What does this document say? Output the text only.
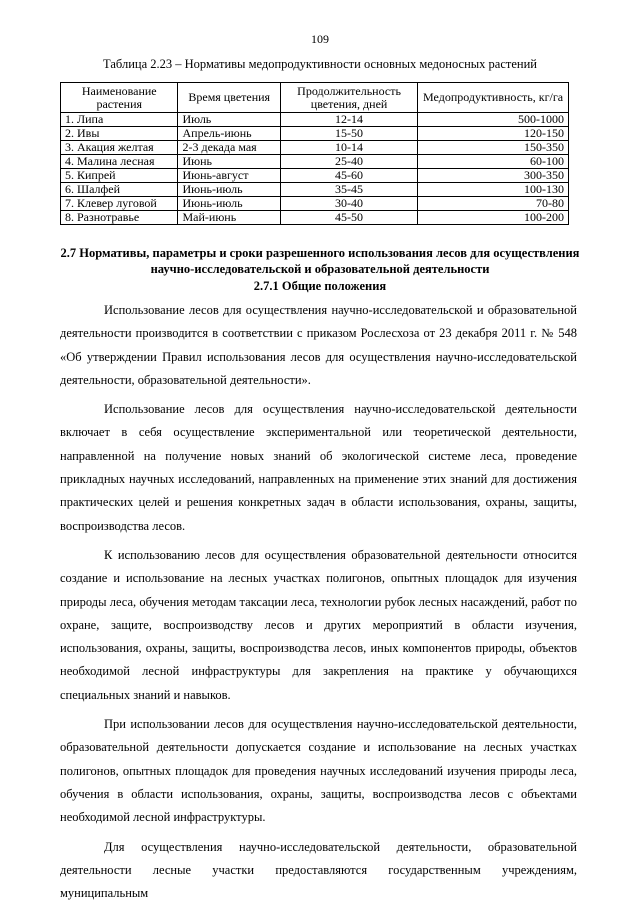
109
Таблица 2.23 – Нормативы медопродуктивности основных медоносных растений
Наименование растения	Время цветения	Продолжительность цветения, дней	Медопродуктивность, кг/га
1. Липа	Июль	12-14	500-1000
2. Ивы	Апрель-июнь	15-50	120-150
3. Акация желтая	2-3 декада мая	10-14	150-350
4. Малина лесная	Июнь	25-40	60-100
5. Кипрей	Июнь-август	45-60	300-350
6. Шалфей	Июнь-июль	35-45	100-130
7. Клевер луговой	Июнь-июль	30-40	70-80
8. Разнотравье	Май-июнь	45-50	100-200
2.7 Нормативы, параметры и сроки разрешенного использования лесов для осуществления научно-исследовательской и образовательной деятельности
2.7.1 Общие положения

Использование лесов для осуществления научно-исследовательской и образовательной деятельности производится в соответствии с приказом Рослесхоза от 23 декабря 2011 г. № 548 «Об утверждении Правил использования лесов для осуществления научно-исследовательской деятельности, образовательной деятельности».

Использование лесов для осуществления научно-исследовательской деятельности включает в себя осуществление экспериментальной или теоретической деятельности, направленной на получение новых знаний об экологической системе леса, проведение прикладных научных исследований, направленных на применение этих знаний для достижения практических целей и решения конкретных задач в области использования, охраны, защиты, воспроизводства лесов.

К использованию лесов для осуществления образовательной деятельности относится создание и использование на лесных участках полигонов, опытных площадок для изучения природы леса, обучения методам таксации леса, технологии рубок лесных насаждений, работ по охране, защите, воспроизводству лесов и других мероприятий в области изучения, использования, охраны, защиты, воспроизводства лесов, иных компонентов природы, объектов необходимой лесной инфраструктуры для закрепления на практике у обучающихся специальных знаний и навыков.

При использовании лесов для осуществления научно-исследовательской деятельности, образовательной деятельности допускается создание и использование на лесных участках полигонов, опытных площадок для проведения научных исследований изучения природы леса, обучения в области использования, охраны, защиты, воспроизводства лесов с объектами необходимой лесной инфраструктуры.

Для осуществления научно-исследовательской деятельности, образовательной деятельности лесные участки предоставляются государственным учреждениям, муниципальным
